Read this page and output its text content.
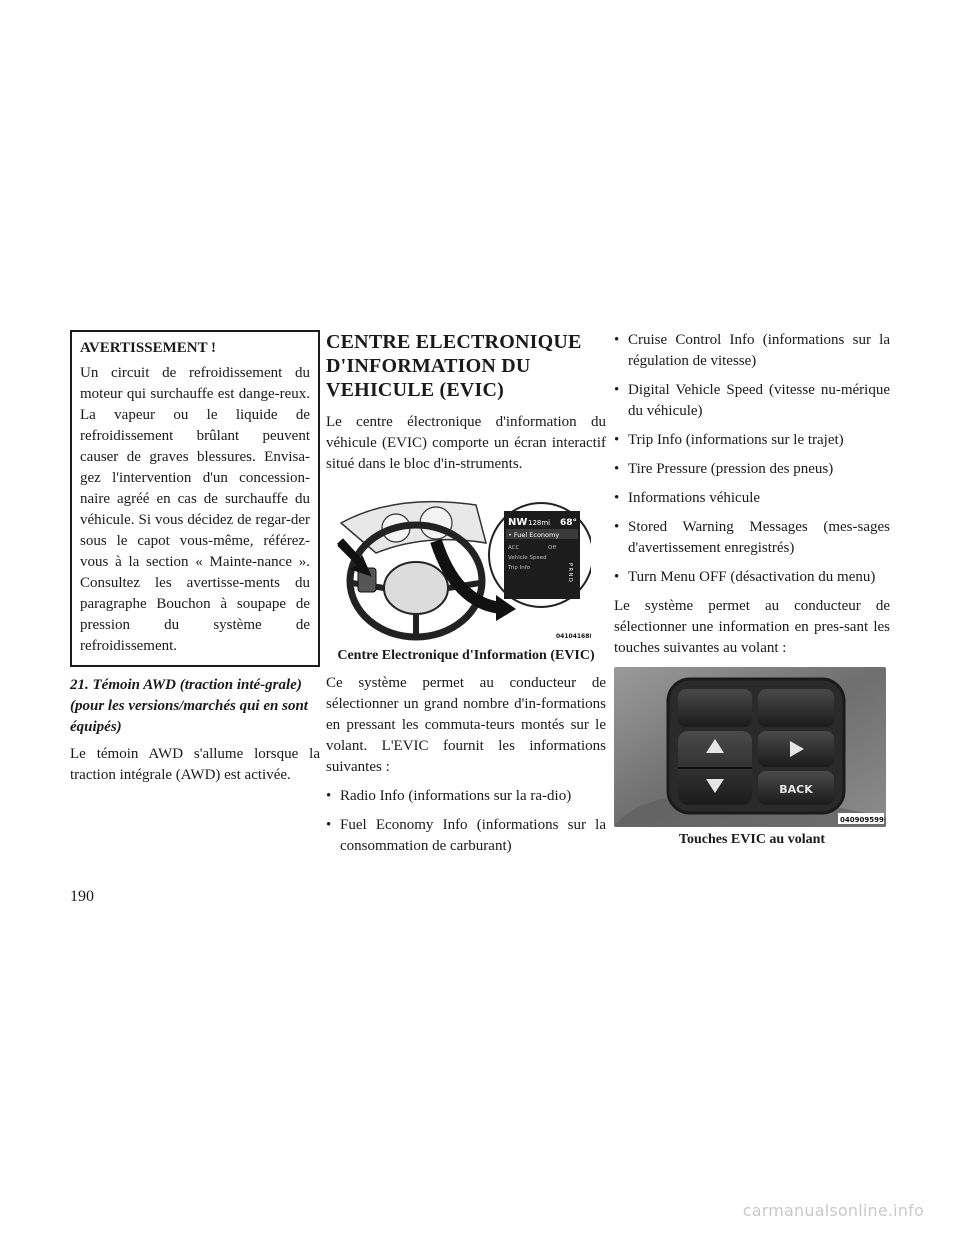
AVERTISSEMENT !

Un circuit de refroidissement du moteur qui surchauffe est dange-reux. La vapeur ou le liquide de refroidissement brûlant peuvent causer de graves blessures. Envisa-gez l'intervention d'un concession-naire agréé en cas de surchauffe du véhicule. Si vous décidez de regar-der sous le capot vous-même, référez-vous à la section « Mainte-nance ». Consultez les avertisse-ments du paragraphe Bouchon à soupape de pression du système de refroidissement.

21. Témoin AWD (traction inté-grale) (pour les versions/marchés qui en sont équipés)

Le témoin AWD s'allume lorsque la traction intégrale (AWD) est activée.

CENTRE ELECTRONIQUE
D'INFORMATION DU
VEHICULE (EVIC)

Le centre électronique d'information du véhicule (EVIC) comporte un écran interactif situé dans le bloc d'in-struments.

NW 128mi 68°
• Fuel Economy
ACC	Off
Vehicle Speed
Trip Info	P R N D
041041688
Centre Electronique d'Information (EVIC)

Ce système permet au conducteur de sélectionner un grand nombre d'in-formations en pressant les commuta-teurs montés sur le volant. L'EVIC fournit les informations suivantes :

• Radio Info (informations sur la ra-dio)
• Fuel Economy Info (informations sur la consommation de carburant)
• Cruise Control Info (informations sur la régulation de vitesse)
• Digital Vehicle Speed (vitesse nu-mérique du véhicule)
• Trip Info (informations sur le trajet)
• Tire Pressure (pression des pneus)
• Informations véhicule
• Stored Warning Messages (mes-sages d'avertissement enregistrés)
• Turn Menu OFF (désactivation du menu)

Le système permet au conducteur de sélectionner une information en pres-sant les touches suivantes au volant :

BACK
040909599
Touches EVIC au volant
190
carmanualsonline.info
